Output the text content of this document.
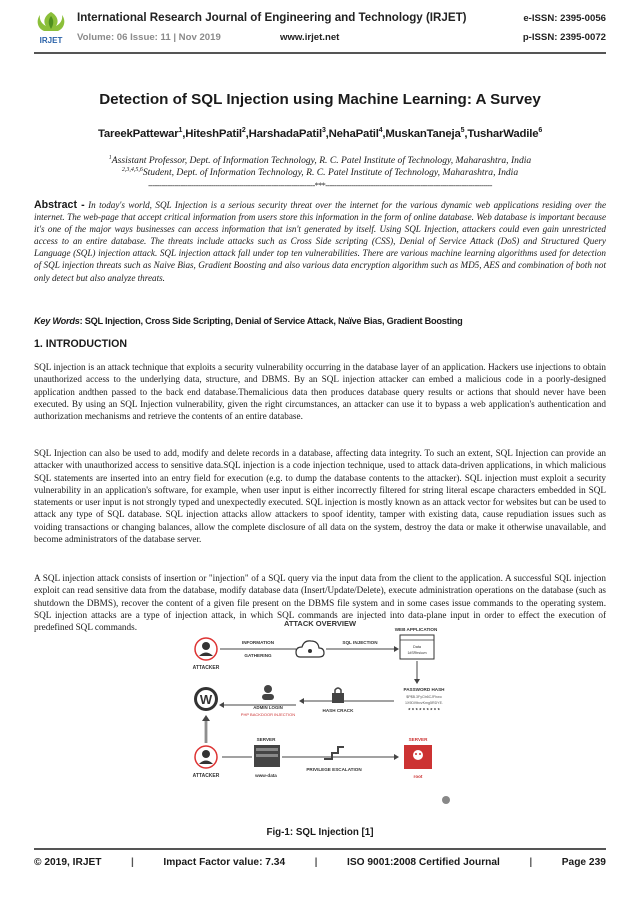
IRJET
International Research Journal of Engineering and Technology (IRJET)
Volume: 06 Issue: 11 | Nov 2019	www.irjet.net
e-ISSN: 2395-0056
p-ISSN: 2395-0072
Detection of SQL Injection using Machine Learning: A Survey
TareekPattewar$^1$,HiteshPatil$^2$,HarshadaPatil$^3$,NehaPatil$^4$,MuskanTaneja$^5$,TusharWadile$^6$
$^1$Assistant Professor, Dept. of Information Technology, R. C. Patel Institute of Technology, Maharashtra, India
$^{2,3,4,5,6}$Student, Dept. of Information Technology, R. C. Patel Institute of Technology, Maharashtra, India
-----------------------------------------------------------------------------***-----------------------------------------------------------------------------
Abstract - In today's world, SQL Injection is a serious security threat over the internet for the various dynamic web applications residing over the internet. The web-page that accept critical information from users store this information in the form of online database. Web database is important because it's one of the major ways businesses can access information that isn't generated by itself. Using SQL Injection, attackers could even gain unrestricted access to an entire database. The threats include attacks such as Cross Side scripting (CSS), Denial of Service Attack (DoS) and Structured Query Language (SQL) injection attack. SQL injection attack fall under top ten vulnerabilities. There are various machine learning algorithms used for detection of SQL injection threats such as Naive Bias, Gradient Boosting and also various data encryption algorithm such as MD5, AES and combination of both not only detect but also analyze threats.
Key Words: SQL Injection, Cross Side Scripting, Denial of Service Attack, Naïve Bias, Gradient Boosting
1. INTRODUCTION

SQL injection is an attack technique that exploits a security vulnerability occurring in the database layer of an application. Hackers use injections to obtain unauthorized access to the underlying data, structure, and DBMS. By an SQL injection attacker can embed a malicious code in a poorly-designed application andthen passed to the back end database.Themalicious data then produces database query results or actions that should never have been executed. By using an SQL Injection vulnerability, given the right circumstances, an attacker can use it to bypass a web application's authentication and authorization mechanisms and retrieve the contents of an entire database.

SQL Injection can also be used to add, modify and delete records in a database, affecting data integrity. To such an extent, SQL Injection can provide an attacker with unauthorized access to sensitive data.SQL injection is a code injection technique, used to attack data-driven applications, in which malicious SQL statements are inserted into an entry field for execution (e.g. to dump the database contents to the attacker). SQL injection must exploit a security vulnerability in an application's software, for example, when user input is either incorrectly filtered for string literal escape characters embedded in SQL statements or user input is not strongly typed and unexpectedly executed. SQL injection is mostly known as an attack vector for websites but can be used to attack any type of SQL database. SQL injection attacks allow attackers to spoof identity, tamper with existing data, cause repudiation issues such as voiding transactions or changing balances, allow the complete disclosure of all data on the system, destroy the data or make it otherwise unavailable, and become administrators of the database server.

A SQL injection attack consists of insertion or "injection" of a SQL query via the input data from the client to the application. A successful SQL injection exploit can read sensitive data from the database, modify database data (Insert/Update/Delete), execute administration operations on the database (such as shutdown the DBMS), recover the content of a given file present on the DBMS file system and in some cases issue commands to the operating system. SQL injection attacks are a type of injection attack, in which SQL commands are injected into data-plane input in order to effect the execution of predefined SQL commands.	ATTACK OVERVIEW
ATTACKER
INFORMATION
GATHERING
SQL INJECTION
WEB APPLICATION
Data
1#SRtrsiuvn
W
ADMIN LOGIN
PHP BACKDOOR INJECTION
HASH CRACK
PASSWORD HASH
$P$B.3FyCb6CJFhwo
1X9DI9bvvKmg5RDYE.
* * * * * * * * *
ATTACKER
SERVER
www-data
PRIVILEGE ESCALATION
SERVER
root
Fig-1: SQL Injection [1]
© 2019, IRJET	|	Impact Factor value: 7.34	|	ISO 9001:2008 Certified Journal	|	Page 239
